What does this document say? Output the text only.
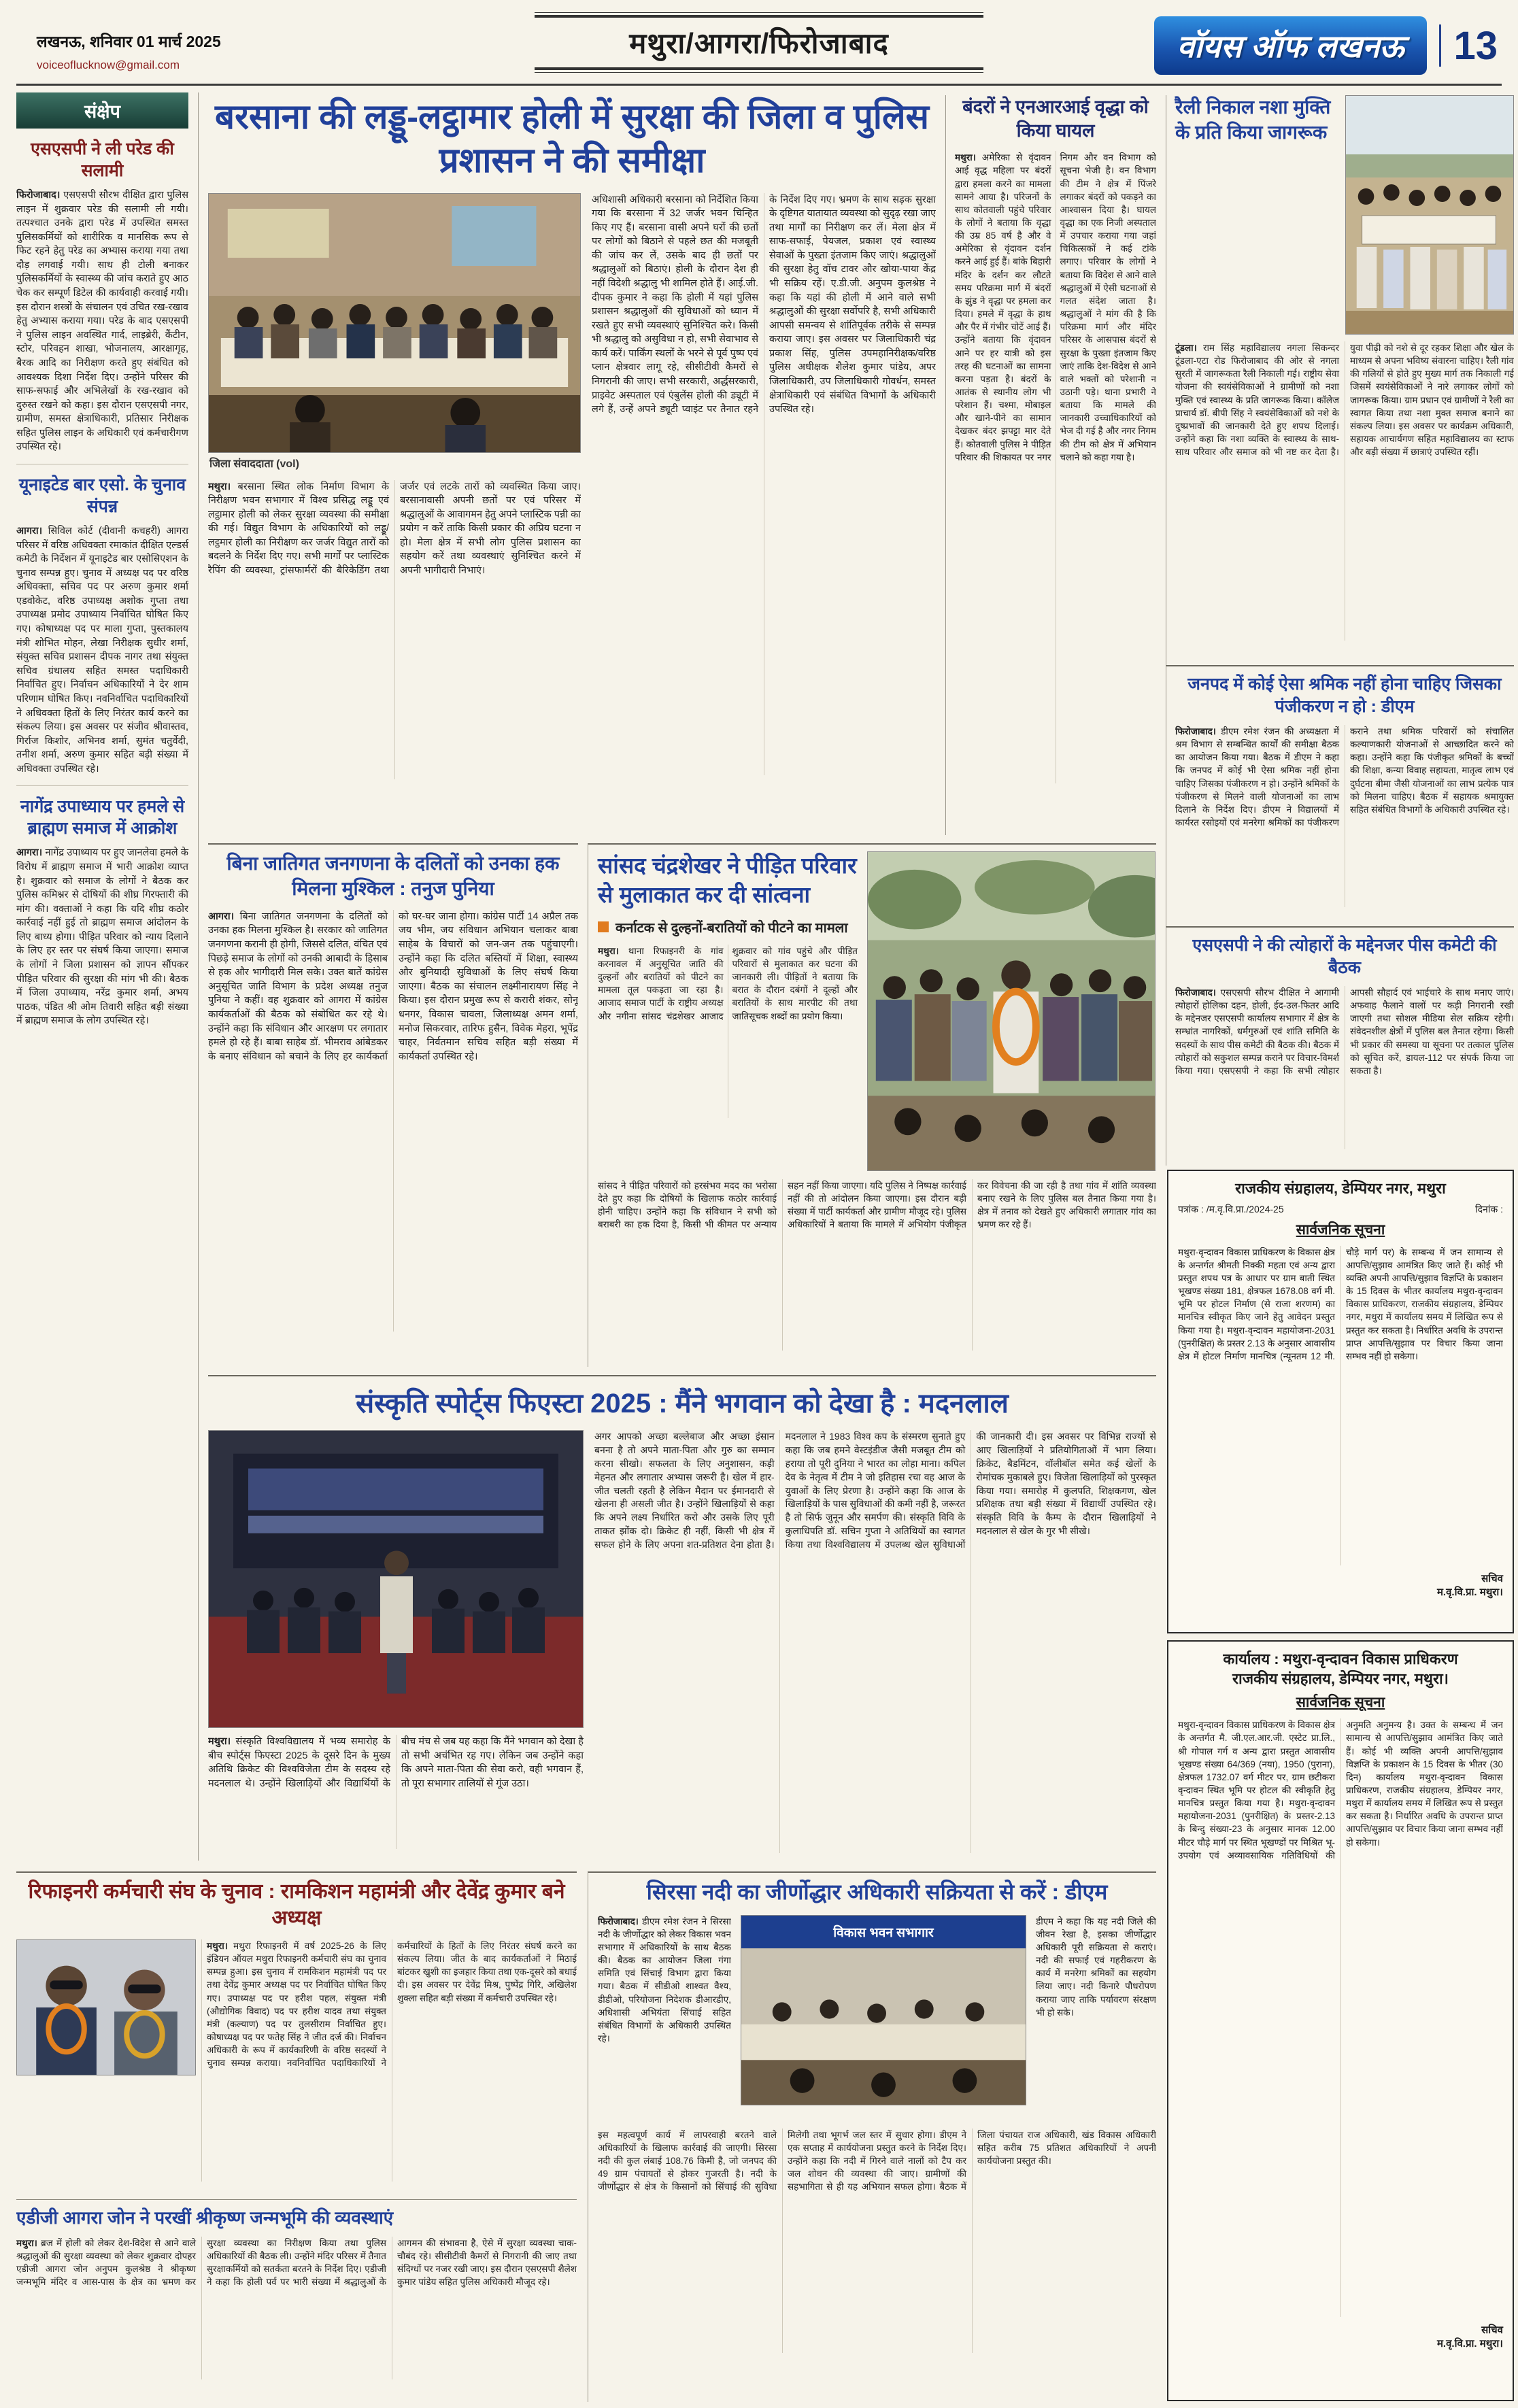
लखनऊ, शनिवार 01 मार्च 2025
voiceoflucknow@gmail.com
मथुरा/आगरा/फिरोजाबाद	वॉयस ऑफ लखनऊ	13
संक्षेप
एसएसपी ने ली परेड की सलामी

फिरोजाबाद। एसएसपी सौरभ दीक्षित द्वारा पुलिस लाइन में शुक्रवार परेड की सलामी ली गयी। तत्पश्चात उनके द्वारा परेड में उपस्थित समस्त पुलिसकर्मियों को शारीरिक व मानसिक रूप से फिट रहने हेतु परेड का अभ्यास कराया गया तथा दौड़ लगवाई गयी। साथ ही टोली बनाकर पुलिसकर्मियों के स्वास्थ्य की जांच कराते हुए आठ चेक कर सम्पूर्ण डिटेल की कार्यवाही करवाई गयी। इस दौरान शस्त्रों के संचालन एवं उचित रख-रखाव हेतु अभ्यास कराया गया। परेड के बाद एसएसपी ने पुलिस लाइन अवस्थित गार्द, लाइब्रेरी, कैंटीन, स्टोर, परिवहन शाखा, भोजनालय, आरक्षागृह, बैरक आदि का निरीक्षण करते हुए संबंधित को आवश्यक दिशा निर्देश दिए। उन्होंने परिसर की साफ-सफाई और अभिलेखों के रख-रखाव को दुरुस्त रखने को कहा। इस दौरान एसएसपी नगर, ग्रामीण, समस्त क्षेत्राधिकारी, प्रतिसार निरीक्षक सहित पुलिस लाइन के अधिकारी एवं कर्मचारीगण उपस्थित रहे।

यूनाइटेड बार एसो. के चुनाव संपन्न

आगरा। सिविल कोर्ट (दीवानी कचहरी) आगरा परिसर में वरिष्ठ अधिवक्ता रमाकांत दीक्षित एल्डर्स कमेटी के निर्देशन में यूनाइटेड बार एसोसिएशन के चुनाव सम्पन्न हुए। चुनाव में अध्यक्ष पद पर वरिष्ठ अधिवक्ता, सचिव पद पर अरुण कुमार शर्मा एडवोकेट, वरिष्ठ उपाध्यक्ष अशोक गुप्ता तथा उपाध्यक्ष प्रमोद उपाध्याय निर्वाचित घोषित किए गए। कोषाध्यक्ष पद पर माला गुप्ता, पुस्तकालय मंत्री शोभित मोहन, लेखा निरीक्षक सुधीर शर्मा, संयुक्त सचिव प्रशासन दीपक नागर तथा संयुक्त सचिव ग्रंथालय सहित समस्त पदाधिकारी निर्वाचित हुए। निर्वाचन अधिकारियों ने देर शाम परिणाम घोषित किए। नवनिर्वाचित पदाधिकारियों ने अधिवक्ता हितों के लिए निरंतर कार्य करने का संकल्प लिया। इस अवसर पर संजीव श्रीवास्तव, गिर्राज किशोर, अभिनव शर्मा, सुमंत चतुर्वेदी, तनीश शर्मा, अरुण कुमार सहित बड़ी संख्या में अधिवक्ता उपस्थित रहे।

नागेंद्र उपाध्याय पर हमले से ब्राह्मण समाज में आक्रोश

आगरा। नागेंद्र उपाध्याय पर हुए जानलेवा हमले के विरोध में ब्राह्मण समाज में भारी आक्रोश व्याप्त है। शुक्रवार को समाज के लोगों ने बैठक कर पुलिस कमिश्नर से दोषियों की शीघ्र गिरफ्तारी की मांग की। वक्ताओं ने कहा कि यदि शीघ्र कठोर कार्रवाई नहीं हुई तो ब्राह्मण समाज आंदोलन के लिए बाध्य होगा। पीड़ित परिवार को न्याय दिलाने के लिए हर स्तर पर संघर्ष किया जाएगा। समाज के लोगों ने जिला प्रशासन को ज्ञापन सौंपकर पीड़ित परिवार की सुरक्षा की मांग भी की। बैठक में जिला उपाध्याय, नरेंद्र कुमार शर्मा, अभय पाठक, पंडित श्री ओम तिवारी सहित बड़ी संख्या में ब्राह्मण समाज के लोग उपस्थित रहे।

बरसाना की लड्डू-लट्ठामार होली में सुरक्षा की जिला व पुलिस प्रशासन ने की समीक्षा
जिला संवाददाता (vol)
मथुरा। बरसाना स्थित लोक निर्माण विभाग के निरीक्षण भवन सभागार में विश्व प्रसिद्ध लड्डू एवं लट्ठामार होली को लेकर सुरक्षा व्यवस्था की समीक्षा की गई। विद्युत विभाग के अधिकारियों को लड्डू/लट्ठमार होली का निरीक्षण कर जर्जर विद्युत तारों को बदलने के निर्देश दिए गए। सभी मार्गों पर प्लास्टिक रैपिंग की व्यवस्था, ट्रांसफार्मरों की बैरिकेडिंग तथा जर्जर एवं लटके तारों को व्यवस्थित किया जाए। बरसानावासी अपनी छतों पर एवं परिसर में श्रद्धालुओं के आवागमन हेतु अपने प्लास्टिक पन्नी का प्रयोग न करें ताकि किसी प्रकार की अप्रिय घटना न हो। मेला क्षेत्र में सभी लोग पुलिस प्रशासन का सहयोग करें तथा व्यवस्थाएं सुनिश्चित करने में अपनी भागीदारी निभाएं।
अधिशासी अधिकारी बरसाना को निर्देशित किया गया कि बरसाना में 32 जर्जर भवन चिन्हित किए गए हैं। बरसाना वासी अपने घरों की छतों पर लोगों को बिठाने से पहले छत की मजबूती की जांच कर लें, उसके बाद ही छतों पर श्रद्धालुओं को बिठाएं। होली के दौरान देश ही नहीं विदेशी श्रद्धालु भी शामिल होते हैं। आई.जी. दीपक कुमार ने कहा कि होली में यहां पुलिस प्रशासन श्रद्धालुओं की सुविधाओं को ध्यान में रखते हुए सभी व्यवस्थाएं सुनिश्चित करे। किसी भी श्रद्धालु को असुविधा न हो, सभी सेवाभाव से कार्य करें। पार्किंग स्थलों के भरने से पूर्व पुष्प एवं प्लान क्षेत्रवार लागू रहे, सीसीटीवी कैमरों से निगरानी की जाए। सभी सरकारी, अर्द्धसरकारी, प्राइवेट अस्पताल एवं एंबुलेंस होली की ड्यूटी में लगे हैं, उन्हें अपने ड्यूटी प्वाइंट पर तैनात रहने के निर्देश दिए गए। भ्रमण के साथ सड़क सुरक्षा के दृष्टिगत यातायात व्यवस्था को सुदृढ़ रखा जाए तथा मार्गों का निरीक्षण कर लें। मेला क्षेत्र में साफ-सफाई, पेयजल, प्रकाश एवं स्वास्थ्य सेवाओं के पुख्ता इंतजाम किए जाएं। श्रद्धालुओं की सुरक्षा हेतु वॉच टावर और खोया-पाया केंद्र भी सक्रिय रहें। ए.डी.जी. अनुपम कुलश्रेष्ठ ने कहा कि यहां की होली में आने वाले सभी श्रद्धालुओं की सुरक्षा सर्वोपरि है, सभी अधिकारी आपसी समन्वय से शांतिपूर्वक तरीके से सम्पन्न कराया जाए। इस अवसर पर जिलाधिकारी चंद्र प्रकाश सिंह, पुलिस उपमहानिरीक्षक/वरिष्ठ पुलिस अधीक्षक शैलेश कुमार पांडेय, अपर जिलाधिकारी, उप जिलाधिकारी गोवर्धन, समस्त क्षेत्राधिकारी एवं संबंधित विभागों के अधिकारी उपस्थित रहे।
बंदरों ने एनआरआई वृद्धा को किया घायल
मथुरा। अमेरिका से वृंदावन आई वृद्ध महिला पर बंदरों द्वारा हमला करने का मामला सामने आया है। परिजनों के साथ कोतवाली पहुंचे परिवार के लोगों ने बताया कि वृद्धा की उम्र 85 वर्ष है और वे अमेरिका से वृंदावन दर्शन करने आई हुई हैं। बांके बिहारी मंदिर के दर्शन कर लौटते समय परिक्रमा मार्ग में बंदरों के झुंड ने वृद्धा पर हमला कर दिया। हमले में वृद्धा के हाथ और पैर में गंभीर चोटें आई हैं। उन्होंने बताया कि वृंदावन आने पर हर यात्री को इस तरह की घटनाओं का सामना करना पड़ता है। बंदरों के आतंक से स्थानीय लोग भी परेशान हैं। चश्मा, मोबाइल और खाने-पीने का सामान देखकर बंदर झपट्टा मार देते हैं। कोतवाली पुलिस ने पीड़ित परिवार की शिकायत पर नगर निगम और वन विभाग को सूचना भेजी है। वन विभाग की टीम ने क्षेत्र में पिंजरे लगाकर बंदरों को पकड़ने का आश्वासन दिया है। घायल वृद्धा का एक निजी अस्पताल में उपचार कराया गया जहां चिकित्सकों ने कई टांके लगाए। परिवार के लोगों ने बताया कि विदेश से आने वाले श्रद्धालुओं में ऐसी घटनाओं से गलत संदेश जाता है। श्रद्धालुओं ने मांग की है कि परिक्रमा मार्ग और मंदिर परिसर के आसपास बंदरों से सुरक्षा के पुख्ता इंतजाम किए जाएं ताकि देश-विदेश से आने वाले भक्तों को परेशानी न उठानी पड़े। थाना प्रभारी ने बताया कि मामले की जानकारी उच्चाधिकारियों को भेज दी गई है और नगर निगम की टीम को क्षेत्र में अभियान चलाने को कहा गया है।
रैली निकाल नशा मुक्ति के प्रति किया जागरूक
टूंडला। राम सिंह महाविद्यालय नगला सिकन्दर टूंडला-एटा रोड फिरोजाबाद की ओर से नगला सुरती में जागरूकता रैली निकाली गई। राष्ट्रीय सेवा योजना की स्वयंसेविकाओं ने ग्रामीणों को नशा मुक्ति एवं स्वास्थ्य के प्रति जागरूक किया। कॉलेज प्राचार्य डॉ. बीपी सिंह ने स्वयंसेविकाओं को नशे के दुष्प्रभावों की जानकारी देते हुए शपथ दिलाई। उन्होंने कहा कि नशा व्यक्ति के स्वास्थ्य के साथ-साथ परिवार और समाज को भी नष्ट कर देता है। युवा पीढ़ी को नशे से दूर रहकर शिक्षा और खेल के माध्यम से अपना भविष्य संवारना चाहिए। रैली गांव की गलियों से होते हुए मुख्य मार्ग तक निकाली गई जिसमें स्वयंसेविकाओं ने नारे लगाकर लोगों को जागरूक किया। ग्राम प्रधान एवं ग्रामीणों ने रैली का स्वागत किया तथा नशा मुक्त समाज बनाने का संकल्प लिया। इस अवसर पर कार्यक्रम अधिकारी, सहायक आचार्यगण सहित महाविद्यालय का स्टाफ और बड़ी संख्या में छात्राएं उपस्थित रहीं।
जनपद में कोई ऐसा श्रमिक नहीं होना चाहिए जिसका पंजीकरण न हो : डीएम
फिरोजाबाद। डीएम रमेश रंजन की अध्यक्षता में श्रम विभाग से सम्बन्धित कार्यों की समीक्षा बैठक का आयोजन किया गया। बैठक में डीएम ने कहा कि जनपद में कोई भी ऐसा श्रमिक नहीं होना चाहिए जिसका पंजीकरण न हो। उन्होंने श्रमिकों के पंजीकरण से मिलने वाली योजनाओं का लाभ दिलाने के निर्देश दिए। डीएम ने विद्यालयों में कार्यरत रसोइयों एवं मनरेगा श्रमिकों का पंजीकरण कराने तथा श्रमिक परिवारों को संचालित कल्याणकारी योजनाओं से आच्छादित करने को कहा। उन्होंने कहा कि पंजीकृत श्रमिकों के बच्चों की शिक्षा, कन्या विवाह सहायता, मातृत्व लाभ एवं दुर्घटना बीमा जैसी योजनाओं का लाभ प्रत्येक पात्र को मिलना चाहिए। बैठक में सहायक श्रमायुक्त सहित संबंधित विभागों के अधिकारी उपस्थित रहे।
एसएसपी ने की त्योहारों के मद्देनजर पीस कमेटी की बैठक
फिरोजाबाद। एसएसपी सौरभ दीक्षित ने आगामी त्योहारों होलिका दहन, होली, ईद-उल-फितर आदि के मद्देनजर एसएसपी कार्यालय सभागार में क्षेत्र के सम्भ्रांत नागरिकों, धर्मगुरुओं एवं शांति समिति के सदस्यों के साथ पीस कमेटी की बैठक की। बैठक में त्योहारों को सकुशल सम्पन्न कराने पर विचार-विमर्श किया गया। एसएसपी ने कहा कि सभी त्योहार आपसी सौहार्द एवं भाईचारे के साथ मनाए जाएं। अफवाह फैलाने वालों पर कड़ी निगरानी रखी जाएगी तथा सोशल मीडिया सेल सक्रिय रहेगी। संवेदनशील क्षेत्रों में पुलिस बल तैनात रहेगा। किसी भी प्रकार की समस्या या सूचना पर तत्काल पुलिस को सूचित करें, डायल-112 पर संपर्क किया जा सकता है।
राजकीय संग्रहालय, डेम्पियर नगर, मथुरा
पत्रांक : /म.वृ.वि.प्रा./2024-25	दिनांक :
सार्वजनिक सूचना
मथुरा-वृन्दावन विकास प्राधिकरण के विकास क्षेत्र के अन्तर्गत श्रीमती निक्की महता एवं अन्य द्वारा प्रस्तुत शपथ पत्र के आधार पर ग्राम बाती स्थित भूखण्ड संख्या 181, क्षेत्रफल 1678.08 वर्ग मी. भूमि पर होटल निर्माण (से राजा शरणम) का मानचित्र स्वीकृत किए जाने हेतु आवेदन प्रस्तुत किया गया है। मथुरा-वृन्दावन महायोजना-2031 (पुनरीक्षित) के प्रस्तर 2.13 के अनुसार आवासीय क्षेत्र में होटल निर्माण मानचित्र (न्यूनतम 12 मी. चौड़े मार्ग पर) के सम्बन्ध में जन सामान्य से आपत्ति/सुझाव आमंत्रित किए जाते हैं। कोई भी व्यक्ति अपनी आपत्ति/सुझाव विज्ञप्ति के प्रकाशन के 15 दिवस के भीतर कार्यालय मथुरा-वृन्दावन विकास प्राधिकरण, राजकीय संग्रहालय, डेम्पियर नगर, मथुरा में कार्यालय समय में लिखित रूप से प्रस्तुत कर सकता है। निर्धारित अवधि के उपरान्त प्राप्त आपत्ति/सुझाव पर विचार किया जाना सम्भव नहीं हो सकेगा।
सचिव
म.वृ.वि.प्रा. मथुरा।
कार्यालय : मथुरा-वृन्दावन विकास प्राधिकरण
राजकीय संग्रहालय, डेम्पियर नगर, मथुरा।
सार्वजनिक सूचना
मथुरा-वृन्दावन विकास प्राधिकरण के विकास क्षेत्र के अन्तर्गत मै. जी.एल.आर.जी. एस्टेट प्रा.लि., श्री गोपाल गर्ग व अन्य द्वारा प्रस्तुत आवासीय भूखण्ड संख्या 64/369 (नया), 1950 (पुराना), क्षेत्रफल 1732.07 वर्ग मीटर पर, ग्राम छटीकरा वृन्दावन स्थित भूमि पर होटल की स्वीकृति हेतु मानचित्र प्रस्तुत किया गया है। मथुरा-वृन्दावन महायोजना-2031 (पुनरीक्षित) के प्रस्तर-2.13 के बिन्दु संख्या-23 के अनुसार मानक 12.00 मीटर चौड़े मार्ग पर स्थित भूखण्डों पर मिश्रित भू-उपयोग एवं अव्यावसायिक गतिविधियों की अनुमति अनुमन्य है। उक्त के सम्बन्ध में जन सामान्य से आपत्ति/सुझाव आमंत्रित किए जाते हैं। कोई भी व्यक्ति अपनी आपत्ति/सुझाव विज्ञप्ति के प्रकाशन के 15 दिवस के भीतर (30 दिन) कार्यालय मथुरा-वृन्दावन विकास प्राधिकरण, राजकीय संग्रहालय, डेम्पियर नगर, मथुरा में कार्यालय समय में लिखित रूप से प्रस्तुत कर सकता है। निर्धारित अवधि के उपरान्त प्राप्त आपत्ति/सुझाव पर विचार किया जाना सम्भव नहीं हो सकेगा।
सचिव
म.वृ.वि.प्रा. मथुरा।
सांसद चंद्रशेखर ने पीड़ित परिवार से मुलाकात कर दी सांत्वना
कर्नाटक से दुल्हनों-बरातियों को पीटने का मामला
मथुरा। थाना रिफाइनरी के गांव करनावल में अनुसूचित जाति की दुल्हनों और बरातियों को पीटने का मामला तूल पकड़ता जा रहा है। आजाद समाज पार्टी के राष्ट्रीय अध्यक्ष और नगीना सांसद चंद्रशेखर आजाद शुक्रवार को गांव पहुंचे और पीड़ित परिवारों से मुलाकात कर घटना की जानकारी ली। पीड़ितों ने बताया कि बरात के दौरान दबंगों ने दूल्हों और बरातियों के साथ मारपीट की तथा जातिसूचक शब्दों का प्रयोग किया।
सांसद ने पीड़ित परिवारों को हरसंभव मदद का भरोसा देते हुए कहा कि दोषियों के खिलाफ कठोर कार्रवाई होनी चाहिए। उन्होंने कहा कि संविधान ने सभी को बराबरी का हक दिया है, किसी भी कीमत पर अन्याय सहन नहीं किया जाएगा। यदि पुलिस ने निष्पक्ष कार्रवाई नहीं की तो आंदोलन किया जाएगा। इस दौरान बड़ी संख्या में पार्टी कार्यकर्ता और ग्रामीण मौजूद रहे। पुलिस अधिकारियों ने बताया कि मामले में अभियोग पंजीकृत कर विवेचना की जा रही है तथा गांव में शांति व्यवस्था बनाए रखने के लिए पुलिस बल तैनात किया गया है। क्षेत्र में तनाव को देखते हुए अधिकारी लगातार गांव का भ्रमण कर रहे हैं।
बिना जातिगत जनगणना के दलितों को उनका हक मिलना मुश्किल : तनुज पुनिया
आगरा। बिना जातिगत जनगणना के दलितों को उनका हक मिलना मुश्किल है। सरकार को जातिगत जनगणना करानी ही होगी, जिससे दलित, वंचित एवं पिछड़े समाज के लोगों को उनकी आबादी के हिसाब से हक और भागीदारी मिल सके। उक्त बातें कांग्रेस अनुसूचित जाति विभाग के प्रदेश अध्यक्ष तनुज पुनिया ने कहीं। वह शुक्रवार को आगरा में कांग्रेस कार्यकर्ताओं की बैठक को संबोधित कर रहे थे। उन्होंने कहा कि संविधान और आरक्षण पर लगातार हमले हो रहे हैं। बाबा साहेब डॉ. भीमराव आंबेडकर के बनाए संविधान को बचाने के लिए हर कार्यकर्ता को घर-घर जाना होगा। कांग्रेस पार्टी 14 अप्रैल तक जय भीम, जय संविधान अभियान चलाकर बाबा साहेब के विचारों को जन-जन तक पहुंचाएगी। उन्होंने कहा कि दलित बस्तियों में शिक्षा, स्वास्थ्य और बुनियादी सुविधाओं के लिए संघर्ष किया जाएगा। बैठक का संचालन लक्ष्मीनारायण सिंह ने किया। इस दौरान प्रमुख रूप से करारी शंकर, सोनू धनगर, विकास चावला, जिलाध्यक्ष अमन शर्मा, मनोज सिकरवार, तारिफ हुसैन, विवेक मेहरा, भूपेंद्र चाहर, निर्वतमान सचिव सहित बड़ी संख्या में कार्यकर्ता उपस्थित रहे।
संस्कृति स्पोर्ट्स फिएस्टा 2025 : मैंने भगवान को देखा है : मदनलाल
मथुरा। संस्कृति विश्वविद्यालय में भव्य समारोह के बीच स्पोर्ट्स फिएस्टा 2025 के दूसरे दिन के मुख्य अतिथि क्रिकेट की विश्वविजेता टीम के सदस्य रहे मदनलाल थे। उन्होंने खिलाड़ियों और विद्यार्थियों के बीच मंच से जब यह कहा कि मैंने भगवान को देखा है तो सभी अचंभित रह गए। लेकिन जब उन्होंने कहा कि अपने माता-पिता की सेवा करो, वही भगवान हैं, तो पूरा सभागार तालियों से गूंज उठा।
अगर आपको अच्छा बल्लेबाज और अच्छा इंसान बनना है तो अपने माता-पिता और गुरु का सम्मान करना सीखो। सफलता के लिए अनुशासन, कड़ी मेहनत और लगातार अभ्यास जरूरी है। खेल में हार-जीत चलती रहती है लेकिन मैदान पर ईमानदारी से खेलना ही असली जीत है। उन्होंने खिलाड़ियों से कहा कि अपने लक्ष्य निर्धारित करो और उसके लिए पूरी ताकत झोंक दो। क्रिकेट ही नहीं, किसी भी क्षेत्र में सफल होने के लिए अपना शत-प्रतिशत देना होता है। मदनलाल ने 1983 विश्व कप के संस्मरण सुनाते हुए कहा कि जब हमने वेस्टइंडीज जैसी मजबूत टीम को हराया तो पूरी दुनिया ने भारत का लोहा माना। कपिल देव के नेतृत्व में टीम ने जो इतिहास रचा वह आज के युवाओं के लिए प्रेरणा है। उन्होंने कहा कि आज के खिलाड़ियों के पास सुविधाओं की कमी नहीं है, जरूरत है तो सिर्फ जुनून और समर्पण की। संस्कृति विवि के कुलाधिपति डॉ. सचिन गुप्ता ने अतिथियों का स्वागत किया तथा विश्वविद्यालय में उपलब्ध खेल सुविधाओं की जानकारी दी। इस अवसर पर विभिन्न राज्यों से आए खिलाड़ियों ने प्रतियोगिताओं में भाग लिया। क्रिकेट, बैडमिंटन, वॉलीबॉल समेत कई खेलों के रोमांचक मुकाबले हुए। विजेता खिलाड़ियों को पुरस्कृत किया गया। समारोह में कुलपति, शिक्षकगण, खेल प्रशिक्षक तथा बड़ी संख्या में विद्यार्थी उपस्थित रहे। संस्कृति विवि के कैम्प के दौरान खिलाड़ियों ने मदनलाल से खेल के गुर भी सीखे।
रिफाइनरी कर्मचारी संघ के चुनाव : रामकिशन महामंत्री और देवेंद्र कुमार बने अध्यक्ष
मथुरा। मथुरा रिफाइनरी में वर्ष 2025-26 के लिए इंडियन ऑयल मथुरा रिफाइनरी कर्मचारी संघ का चुनाव सम्पन्न हुआ। इस चुनाव में रामकिशन महामंत्री पद पर तथा देवेंद्र कुमार अध्यक्ष पद पर निर्वाचित घोषित किए गए। उपाध्यक्ष पद पर हरीश पहल, संयुक्त मंत्री (औद्योगिक विवाद) पद पर हरीश यादव तथा संयुक्त मंत्री (कल्याण) पद पर तुलसीराम निर्वाचित हुए। कोषाध्यक्ष पद पर फतेह सिंह ने जीत दर्ज की। निर्वाचन अधिकारी के रूप में कार्यकारिणी के वरिष्ठ सदस्यों ने चुनाव सम्पन्न कराया। नवनिर्वाचित पदाधिकारियों ने कर्मचारियों के हितों के लिए निरंतर संघर्ष करने का संकल्प लिया। जीत के बाद कार्यकर्ताओं ने मिठाई बांटकर खुशी का इजहार किया तथा एक-दूसरे को बधाई दी। इस अवसर पर देवेंद्र मिश्र, पुष्पेंद्र गिरि, अखिलेश शुक्ला सहित बड़ी संख्या में कर्मचारी उपस्थित रहे।
एडीजी आगरा जोन ने परखीं श्रीकृष्ण जन्मभूमि की व्यवस्थाएं
मथुरा। ब्रज में होली को लेकर देश-विदेश से आने वाले श्रद्धालुओं की सुरक्षा व्यवस्था को लेकर शुक्रवार दोपहर एडीजी आगरा जोन अनुपम कुलश्रेष्ठ ने श्रीकृष्ण जन्मभूमि मंदिर व आस-पास के क्षेत्र का भ्रमण कर सुरक्षा व्यवस्था का निरीक्षण किया तथा पुलिस अधिकारियों की बैठक ली। उन्होंने मंदिर परिसर में तैनात सुरक्षाकर्मियों को सतर्कता बरतने के निर्देश दिए। एडीजी ने कहा कि होली पर्व पर भारी संख्या में श्रद्धालुओं के आगमन की संभावना है, ऐसे में सुरक्षा व्यवस्था चाक-चौबंद रहे। सीसीटीवी कैमरों से निगरानी की जाए तथा संदिग्धों पर नजर रखी जाए। इस दौरान एसएसपी शैलेश कुमार पांडेय सहित पुलिस अधिकारी मौजूद रहे।
सिरसा नदी का जीर्णोद्धार अधिकारी सक्रियता से करें : डीएम
फिरोजाबाद। डीएम रमेश रंजन ने सिरसा नदी के जीर्णोद्धार को लेकर विकास भवन सभागार में अधिकारियों के साथ बैठक की। बैठक का आयोजन जिला गंगा समिति एवं सिंचाई विभाग द्वारा किया गया। बैठक में सीडीओ शाश्वत वैश्य, डीडीओ, परियोजना निदेशक डीआरडीए, अधिशासी अभियंता सिंचाई सहित संबंधित विभागों के अधिकारी उपस्थित रहे।
विकास भवन सभागार
डीएम ने कहा कि यह नदी जिले की जीवन रेखा है, इसका जीर्णोद्धार अधिकारी पूरी सक्रियता से कराएं। नदी की सफाई एवं गहरीकरण के कार्य में मनरेगा श्रमिकों का सहयोग लिया जाए। नदी किनारे पौधरोपण कराया जाए ताकि पर्यावरण संरक्षण भी हो सके।
इस महत्वपूर्ण कार्य में लापरवाही बरतने वाले अधिकारियों के खिलाफ कार्रवाई की जाएगी। सिरसा नदी की कुल लंबाई 108.76 किमी है, जो जनपद की 49 ग्राम पंचायतों से होकर गुजरती है। नदी के जीर्णोद्धार से क्षेत्र के किसानों को सिंचाई की सुविधा मिलेगी तथा भूगर्भ जल स्तर में सुधार होगा। डीएम ने एक सप्ताह में कार्ययोजना प्रस्तुत करने के निर्देश दिए। उन्होंने कहा कि नदी में गिरने वाले नालों को टैप कर जल शोधन की व्यवस्था की जाए। ग्रामीणों की सहभागिता से ही यह अभियान सफल होगा। बैठक में जिला पंचायत राज अधिकारी, खंड विकास अधिकारी सहित करीब 75 प्रतिशत अधिकारियों ने अपनी कार्ययोजना प्रस्तुत की।
